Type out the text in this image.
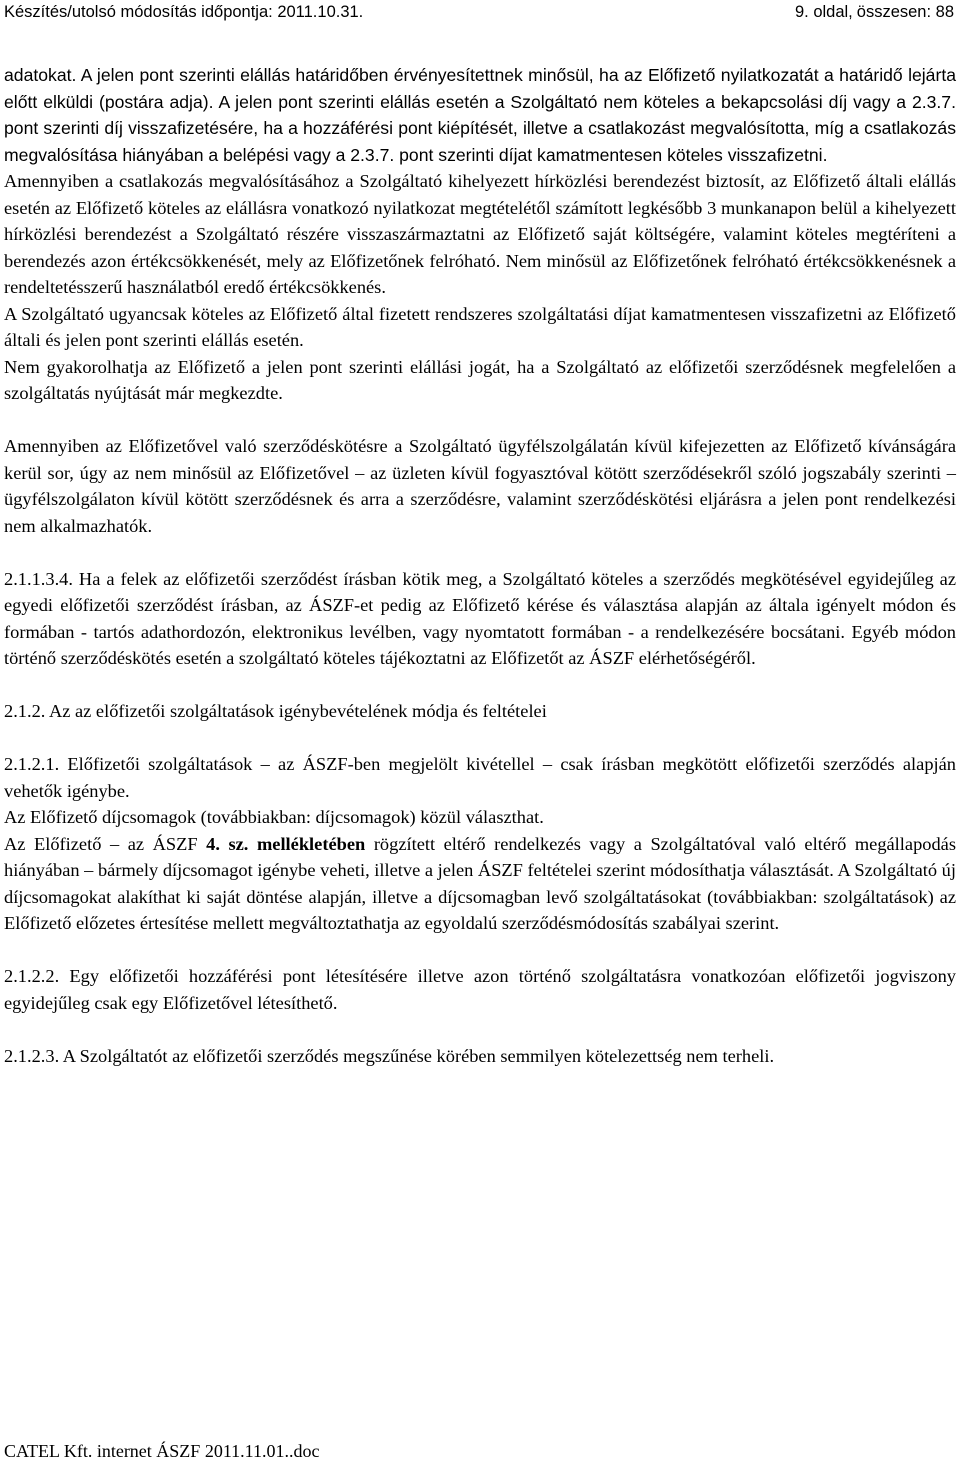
Készítés/utolsó módosítás időpontja: 2011.10.31.	9. oldal, összesen: 88

adatokat. A jelen pont szerinti elállás határidőben érvényesítettnek minősül, ha az Előfizető nyilatkozatát a határidő lejárta előtt elküldi (postára adja). A jelen pont szerinti elállás esetén a Szolgáltató nem köteles a bekapcsolási díj vagy a 2.3.7. pont szerinti díj visszafizetésére, ha a hozzáférési pont kiépítését, illetve a csatlakozást megvalósította, míg a csatlakozás megvalósítása hiányában a belépési vagy a 2.3.7. pont szerinti díjat kamatmentesen köteles visszafizetni.

Amennyiben a csatlakozás megvalósításához a Szolgáltató kihelyezett hírközlési berendezést biztosít, az Előfizető általi elállás esetén az Előfizető köteles az elállásra vonatkozó nyilatkozat megtételétől számított legkésőbb 3 munkanapon belül a kihelyezett hírközlési berendezést a Szolgáltató részére visszaszármaztatni az Előfizető saját költségére, valamint köteles megtéríteni a berendezés azon értékcsökkenését, mely az Előfizetőnek felróható. Nem minősül az Előfizetőnek felróható értékcsökkenésnek a rendeltetésszerű használatból eredő értékcsökkenés.

A Szolgáltató ugyancsak köteles az Előfizető által fizetett rendszeres szolgáltatási díjat kamatmentesen visszafizetni az Előfizető általi és jelen pont szerinti elállás esetén.

Nem gyakorolhatja az Előfizető a jelen pont szerinti elállási jogát, ha a Szolgáltató az előfizetői szerződésnek megfelelően a szolgáltatás nyújtását már megkezdte.

Amennyiben az Előfizetővel való szerződéskötésre a Szolgáltató ügyfélszolgálatán kívül kifejezetten az Előfizető kívánságára kerül sor, úgy az nem minősül az Előfizetővel – az üzleten kívül fogyasztóval kötött szerződésekről szóló jogszabály szerinti – ügyfélszolgálaton kívül kötött szerződésnek és arra a szerződésre, valamint szerződéskötési eljárásra a jelen pont rendelkezési nem alkalmazhatók.

2.1.1.3.4. Ha a felek az előfizetői szerződést írásban kötik meg, a Szolgáltató köteles a szerződés megkötésével egyidejűleg az egyedi előfizetői szerződést írásban, az ÁSZF-et pedig az Előfizető kérése és választása alapján az általa igényelt módon és formában - tartós adathordozón, elektronikus levélben, vagy nyomtatott formában - a rendelkezésére bocsátani. Egyéb módon történő szerződéskötés esetén a szolgáltató köteles tájékoztatni az Előfizetőt az ÁSZF elérhetőségéről.

2.1.2. Az az előfizetői szolgáltatások igénybevételének módja és feltételei

2.1.2.1. Előfizetői szolgáltatások – az ÁSZF-ben megjelölt kivétellel – csak írásban megkötött előfizetői szerződés alapján vehetők igénybe.

Az Előfizető díjcsomagok (továbbiakban: díjcsomagok) közül választhat.

Az Előfizető – az ÁSZF 4. sz. mellékletében rögzített eltérő rendelkezés vagy a Szolgáltatóval való eltérő megállapodás hiányában – bármely díjcsomagot igénybe veheti, illetve a jelen ÁSZF feltételei szerint módosíthatja választását. A Szolgáltató új díjcsomagokat alakíthat ki saját döntése alapján, illetve a díjcsomagban levő szolgáltatásokat (továbbiakban: szolgáltatások) az Előfizető előzetes értesítése mellett megváltoztathatja az egyoldalú szerződésmódosítás szabályai szerint.

2.1.2.2. Egy előfizetői hozzáférési pont létesítésére illetve azon történő szolgáltatásra vonatkozóan előfizetői jogviszony egyidejűleg csak egy Előfizetővel létesíthető.

2.1.2.3. A Szolgáltatót az előfizetői szerződés megszűnése körében semmilyen kötelezettség nem terheli.

CATEL Kft. internet ÁSZF 2011.11.01..doc
